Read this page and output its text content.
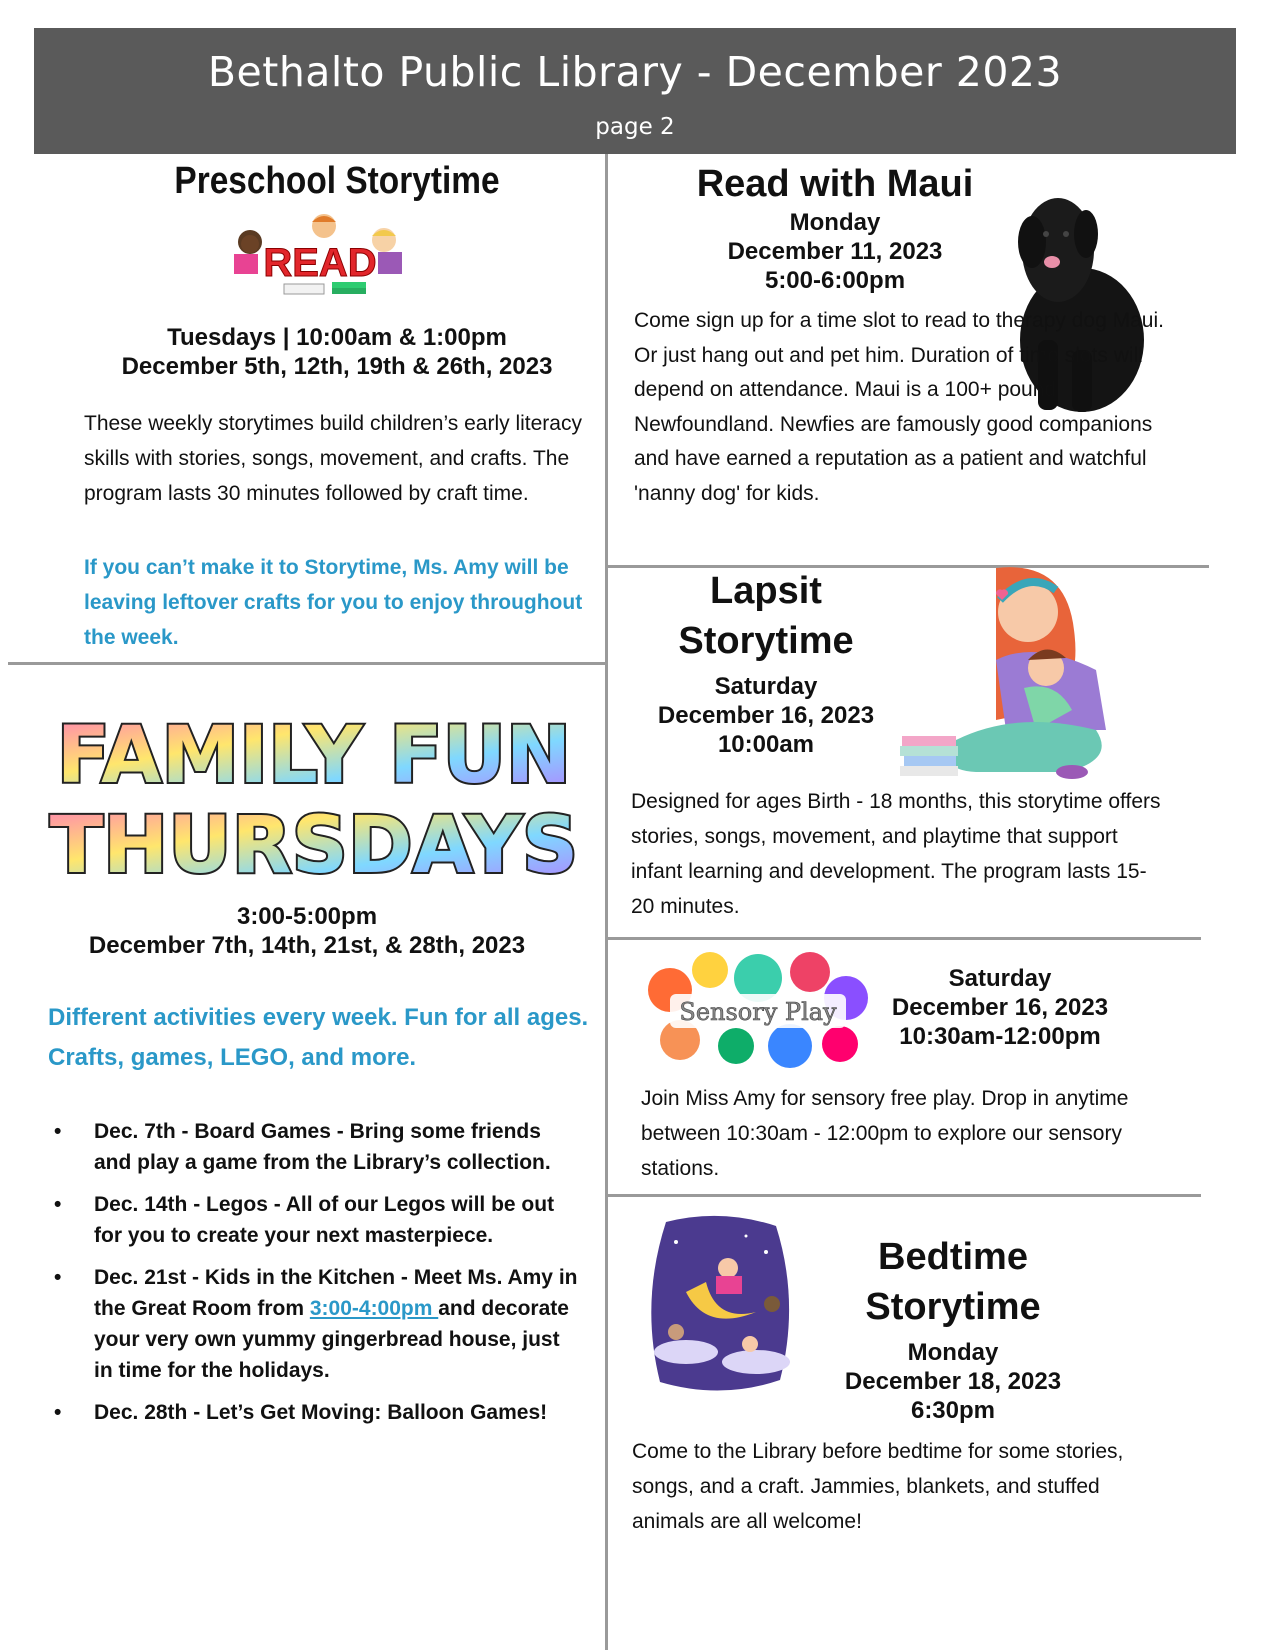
Bethalto Public Library - December 2023
page 2
Preschool Storytime
READ
Tuesdays | 10:00am & 1:00pm
December 5th, 12th, 19th & 26th, 2023
These weekly storytimes build children’s early literacy skills with stories, songs, movement, and crafts. The program lasts 30 minutes followed by craft time.
If you can’t make it to Storytime, Ms. Amy will be leaving leftover crafts for you to enjoy throughout the week.
Read with Maui
Monday
December 11, 2023
5:00-6:00pm
Come sign up for a time slot to read to therapy dog Maui. Or just hang out and pet him. Duration of time slots will depend on attendance. Maui is a 100+ pound Newfoundland. Newfies are famously good companions and have earned a reputation as a patient and watchful 'nanny dog' for kids.
FAMILY FUN
THURSDAYS
3:00-5:00pm
December 7th, 14th, 21st, & 28th, 2023
Different activities every week. Fun for all ages.
Crafts, games, LEGO, and more.
• Dec. 7th - Board Games - Bring some friends and play a game from the Library’s collection.
• Dec. 14th - Legos - All of our Legos will be out for you to create your next masterpiece.
• Dec. 21st - Kids in the Kitchen - Meet Ms. Amy in the Great Room from 3:00-4:00pm and decorate your very own yummy gingerbread house, just in time for the holidays.
• Dec. 28th - Let’s Get Moving: Balloon Games!
Lapsit
Storytime
Saturday
December 16, 2023
10:00am
Designed for ages Birth - 18 months, this storytime offers stories, songs, movement, and playtime that support infant learning and development. The program lasts 15-20 minutes.
Sensory Play
Saturday
December 16, 2023
10:30am-12:00pm
Join Miss Amy for sensory free play. Drop in anytime between 10:30am - 12:00pm to explore our sensory stations.
Bedtime
Storytime
Monday
December 18, 2023
6:30pm
Come to the Library before bedtime for some stories, songs, and a craft. Jammies, blankets, and stuffed animals are all welcome!
